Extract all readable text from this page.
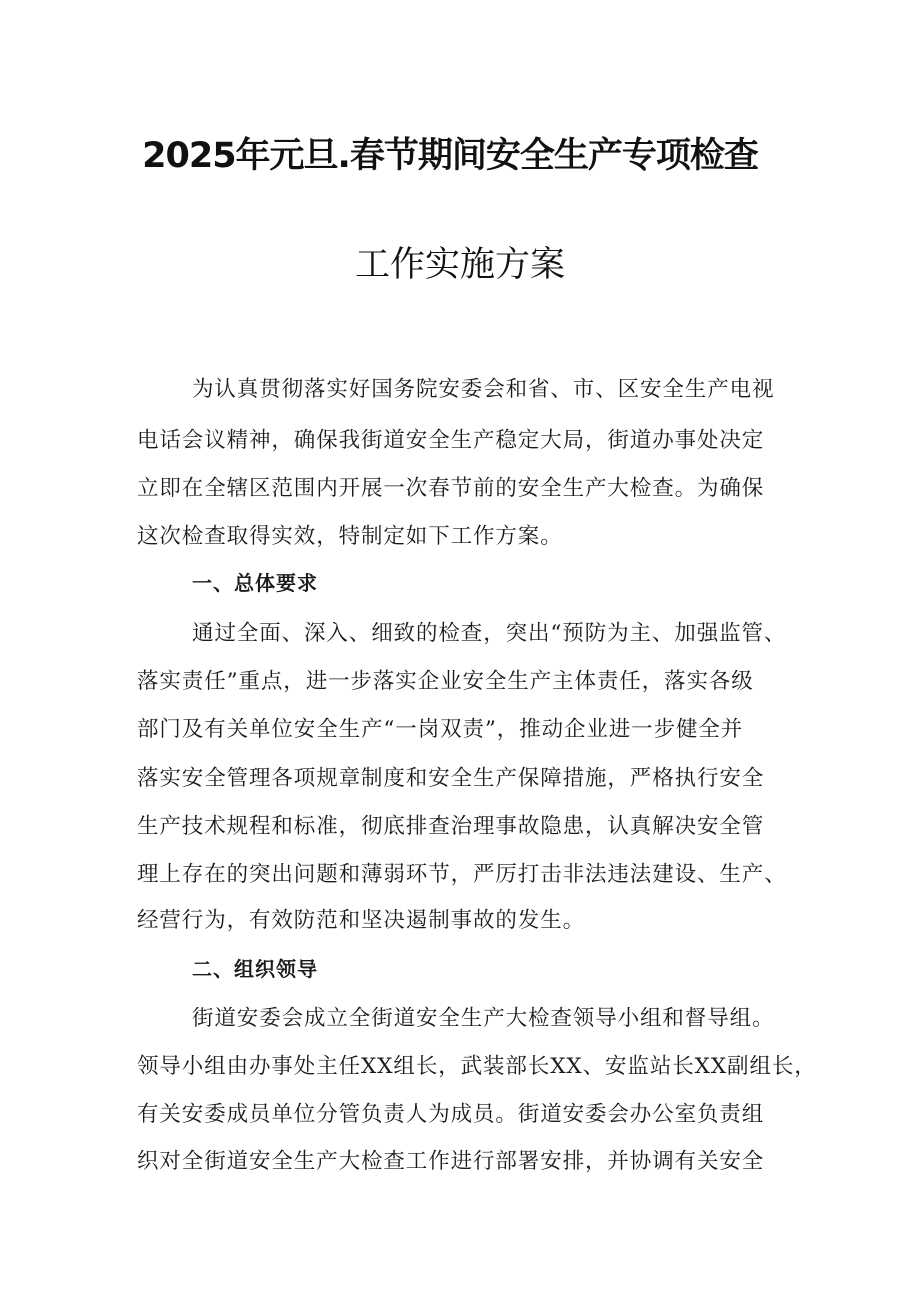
2025年元旦.春节期间安全生产专项检查
工作实施方案
为认真贯彻落实好国务院安委会和省、市、区安全生产电视
电话会议精神，确保我街道安全生产稳定大局，街道办事处决定
立即在全辖区范围内开展一次春节前的安全生产大检查。为确保
这次检查取得实效，特制定如下工作方案。
一、总体要求
通过全面、深入、细致的检查，突出“预防为主、加强监管、
落实责任”重点，进一步落实企业安全生产主体责任，落实各级
部门及有关单位安全生产“一岗双责”，推动企业进一步健全并
落实安全管理各项规章制度和安全生产保障措施，严格执行安全
生产技术规程和标准，彻底排查治理事故隐患，认真解决安全管
理上存在的突出问题和薄弱环节，严厉打击非法违法建设、生产、
经营行为，有效防范和坚决遏制事故的发生。
二、组织领导
街道安委会成立全街道安全生产大检查领导小组和督导组。
领导小组由办事处主任XX组长，武装部长XX、安监站长XX副组长，
有关安委成员单位分管负责人为成员。街道安委会办公室负责组
织对全街道安全生产大检查工作进行部署安排，并协调有关安全
